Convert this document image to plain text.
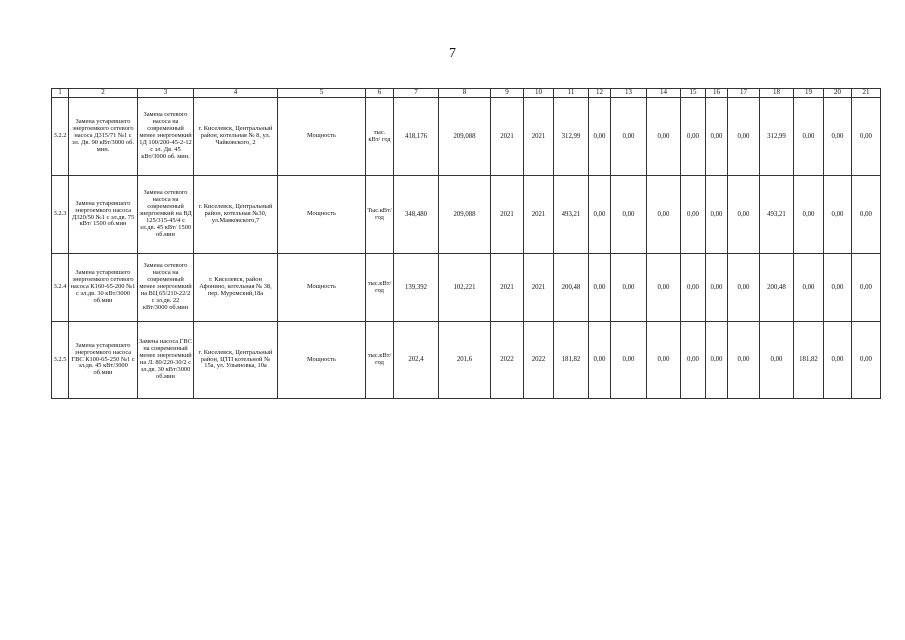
7
1	2	3	4	5	6	7	8	9	10	11	12	13	14	15	16	17	18	19	20	21
3.2.2	Замена устаревшего энергоемкого сетевого насоса Д315/71 №1 с эл. Дв. 90 кВт/3000 об. мин.	Замена сетевого насоса на современный менее энергоемкий 1Д 100/200-45-2-12 с эл. Дв. 45 кВт/3000 об. мин.	г. Киселевск, Центральный район, котельная № 8, ул. Чайковского, 2	Мощность	тыс. кВт/ год	418,176	209,088	2021	2021	312,99	0,00	0,00	0,00	0,00	0,00	0,00	312,99	0,00	0,00	0,00
3.2.3	Замена устаревшего энергоемкого насоса Д320/50 №1 с эл.дв. 75 кВт/ 1500 об.мин	Замена сетевого насоса на современный энергоемкий на ВД 125/315-45/4 с эл.дв. 45 кВт/ 1500 об.мин	г. Киселевск, Центральный район, котельная №30, ул.Маяковского,7	Мощность	Тыс.кВт/ год	348,480	209,088	2021	2021	493,21	0,00	0,00	0,00	0,00	0,00	0,00	493,21	0,00	0,00	0,00
3.2.4	Замена устаревшего энергоемкого сетевого насоса К160-65-200 №1 с эл.дв. 30 кВт/3000 об.мин	Замена сетевого насоса на современный менее энергоемкий на ВЦ 65/210-22/2 с эл.дв. 22 кВт/3000 об.мин	г. Киселевск, район Афонино, котельная № 38, пер. Муромский,18а	Мощность	тыс.кВт/ год	139,392	102,221	2021	2021	200,48	0,00	0,00	0,00	0,00	0,00	0,00	200,48	0,00	0,00	0,00
3.2.5	Замена устаревшего энергоемкого насоса ГВС К100-65-250 №1 с эл.дв. 45 кВт/3000 об.мин	Замена насоса ГВС на современный менее энергоемкий на Л. 80/220-30/2 с эл.дв. 30 кВт/3000 об.мин	г. Киселевск, Центральный район, ЦТП котельной № 15а, ул. Ульяновка, 10а	Мощность	тыс.кВт/ год	202,4	201,6	2022	2022	181,82	0,00	0,00	0,00	0,00	0,00	0,00	0,00	181,82	0,00	0,00
